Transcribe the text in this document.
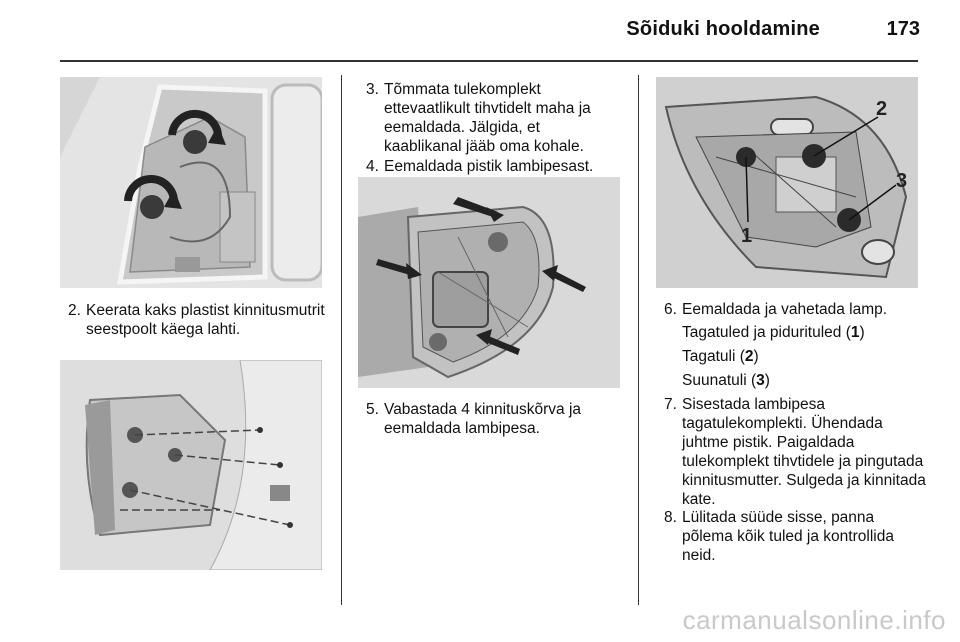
Sõiduki hooldamine	173
2. Keerata kaks plastist kinnitusmutrit seestpoolt käega lahti.
3. Tõmmata tulekomplekt ettevaatlikult tihvtidelt maha ja eemaldada. Jälgida, et kaablikanal jääb oma kohale.
4. Eemaldada pistik lambipesast.
5. Vabastada 4 kinnituskõrva ja eemaldada lambipesa.
1
2
3
6. Eemaldada ja vahetada lamp.
Tagatuled ja pidurituled (1)
Tagatuli (2)
Suunatuli (3)
7. Sisestada lambipesa tagatulekomplekti. Ühendada juhtme pistik. Paigaldada tulekomplekt tihvtidele ja pingutada kinnitusmutter. Sulgeda ja kinnitada kate.
8. Lülitada süüde sisse, panna põlema kõik tuled ja kontrollida neid.
carmanualsonline.info
